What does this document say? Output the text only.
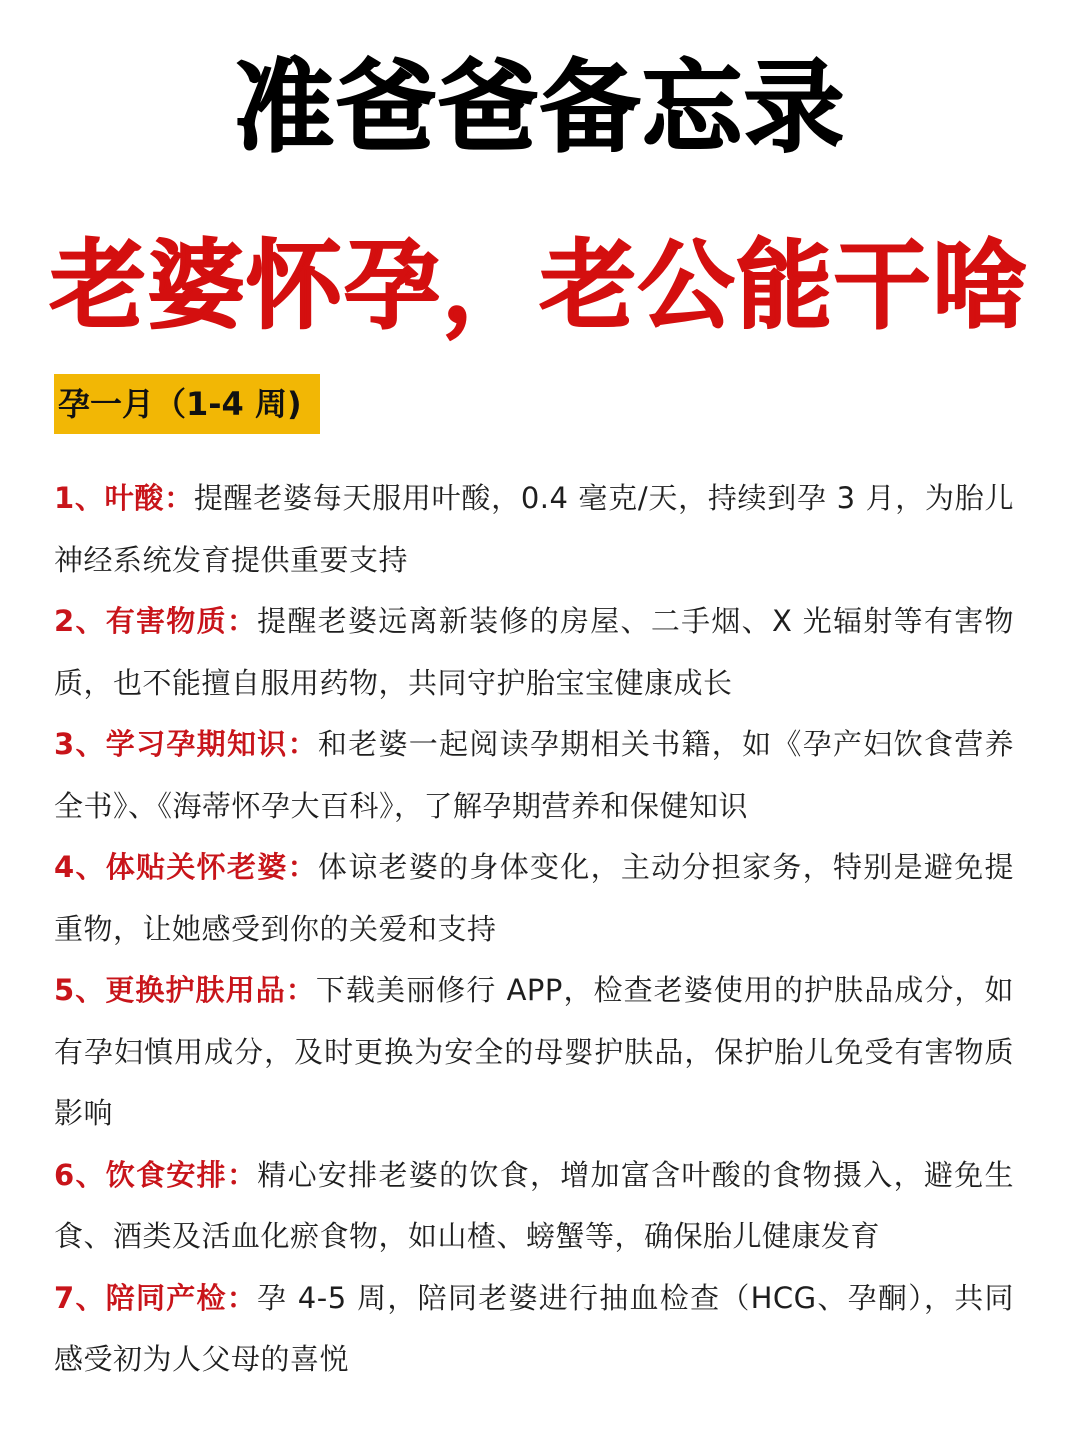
准爸爸备忘录
老婆怀孕，老公能干啥
孕一月（1-4 周)
1、叶酸：提醒老婆每天服用叶酸，0.4 毫克/天，持续到孕 3 月，为胎儿神经系统发育提供重要支持
2、有害物质：提醒老婆远离新装修的房屋、二手烟、X 光辐射等有害物质，也不能擅自服用药物，共同守护胎宝宝健康成长
3、学习孕期知识：和老婆一起阅读孕期相关书籍，如《孕产妇饮食营养全书》、《海蒂怀孕大百科》，了解孕期营养和保健知识
4、体贴关怀老婆：体谅老婆的身体变化，主动分担家务，特别是避免提重物，让她感受到你的关爱和支持
5、更换护肤用品：下载美丽修行 APP，检查老婆使用的护肤品成分，如有孕妇慎用成分，及时更换为安全的母婴护肤品，保护胎儿免受有害物质影响
6、饮食安排：精心安排老婆的饮食，增加富含叶酸的食物摄入，避免生食、酒类及活血化瘀食物，如山楂、螃蟹等，确保胎儿健康发育
7、陪同产检：孕 4-5 周，陪同老婆进行抽血检查（HCG、孕酮），共同感受初为人父母的喜悦
